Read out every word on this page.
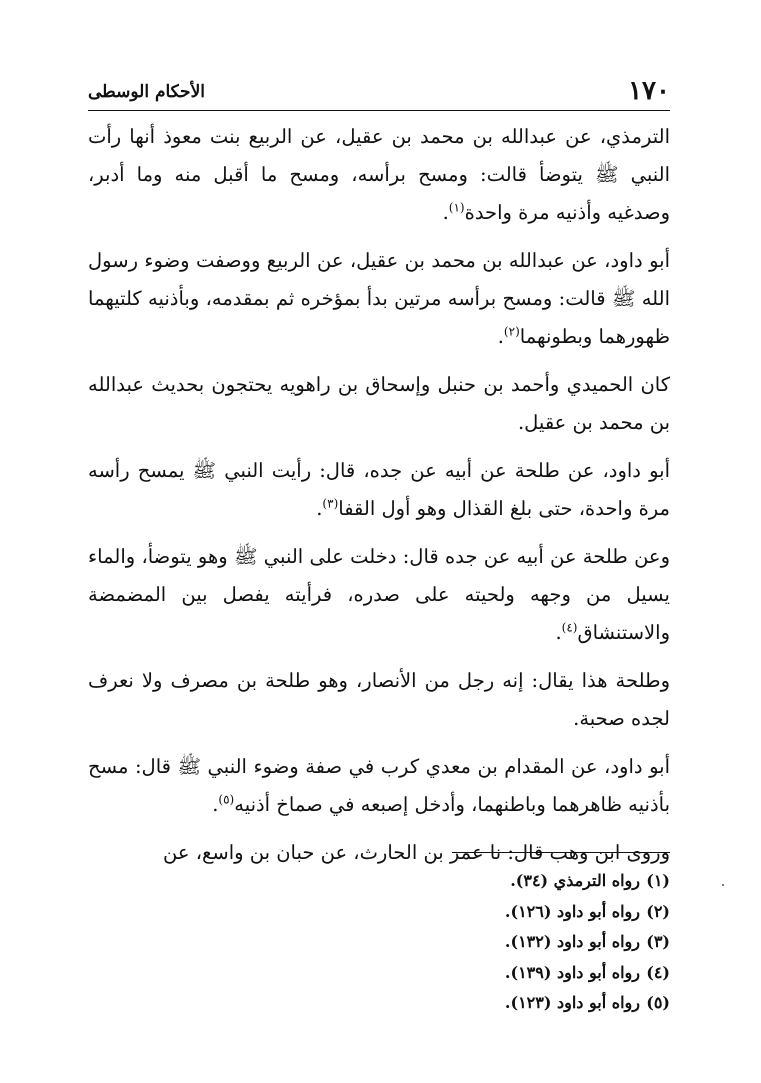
١٧٠
الأحكام الوسطى

الترمذي، عن عبدالله بن محمد بن عقيل، عن الربيع بنت معوذ أنها رأت النبي ﷺ يتوضأ قالت: ومسح برأسه، ومسح ما أقبل منه وما أدبر، وصدغيه وأذنيه مرة واحدة$^{(١)}$.

أبو داود، عن عبدالله بن محمد بن عقيل، عن الربيع ووصفت وضوء رسول الله ﷺ قالت: ومسح برأسه مرتين بدأ بمؤخره ثم بمقدمه، وبأذنيه كلتيهما ظهورهما وبطونهما$^{(٢)}$.

كان الحميدي وأحمد بن حنبل وإسحاق بن راهويه يحتجون بحديث عبدالله بن محمد بن عقيل.

أبو داود، عن طلحة عن أبيه عن جده، قال: رأيت النبي ﷺ يمسح رأسه مرة واحدة، حتى بلغ القذال وهو أول القفا$^{(٣)}$.

وعن طلحة عن أبيه عن جده قال: دخلت على النبي ﷺ وهو يتوضأ، والماء يسيل من وجهه ولحيته على صدره، فرأيته يفصل بين المضمضة والاستنشاق$^{(٤)}$.

وطلحة هذا يقال: إنه رجل من الأنصار، وهو طلحة بن مصرف ولا نعرف لجده صحبة.

أبو داود، عن المقدام بن معدي كرب في صفة وضوء النبي ﷺ قال: مسح بأذنيه ظاهرهما وباطنهما، وأدخل إصبعه في صماخ أذنيه$^{(٥)}$.

وروى ابن وهب قال: نا عمر بن الحارث، عن حبان بن واسع، عن

(١)رواه الترمذي (٣٤).
(٢)رواه أبو داود (١٢٦).
(٣)رواه أبو داود (١٣٢).
(٤)رواه أبو داود (١٣٩).
(٥)رواه أبو داود (١٢٣).
